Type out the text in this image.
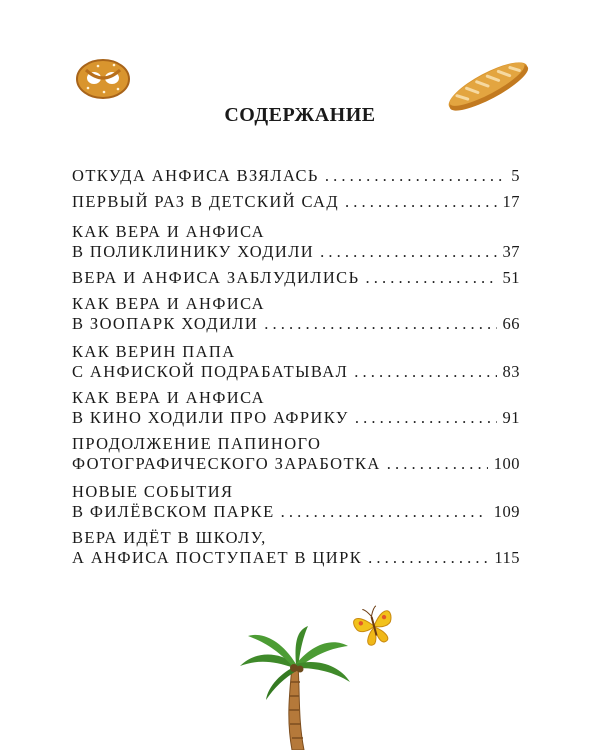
СОДЕРЖАНИЕ
ОТКУДА АНФИСА ВЗЯЛАСЬ . . .	5
ПЕРВЫЙ РАЗ В ДЕТСКИЙ САД . . .	17
КАК ВЕРА И АНФИСА
В ПОЛИКЛИНИКУ ХОДИЛИ . . .	37
ВЕРА И АНФИСА ЗАБЛУДИЛИСЬ . . .	51
КАК ВЕРА И АНФИСА
В ЗООПАРК ХОДИЛИ . . .	66
КАК ВЕРИН ПАПА
С АНФИСКОЙ ПОДРАБАТЫВАЛ . . .	83
КАК ВЕРА И АНФИСА
В КИНО ХОДИЛИ ПРО АФРИКУ . . .	91
ПРОДОЛЖЕНИЕ ПАПИНОГО
ФОТОГРАФИЧЕСКОГО ЗАРАБОТКА . . .	100
НОВЫЕ СОБЫТИЯ
В ФИЛЁВСКОМ ПАРКЕ . . .	109
ВЕРА ИДЁТ В ШКОЛУ,
А АНФИСА ПОСТУПАЕТ В ЦИРК . . .	115
